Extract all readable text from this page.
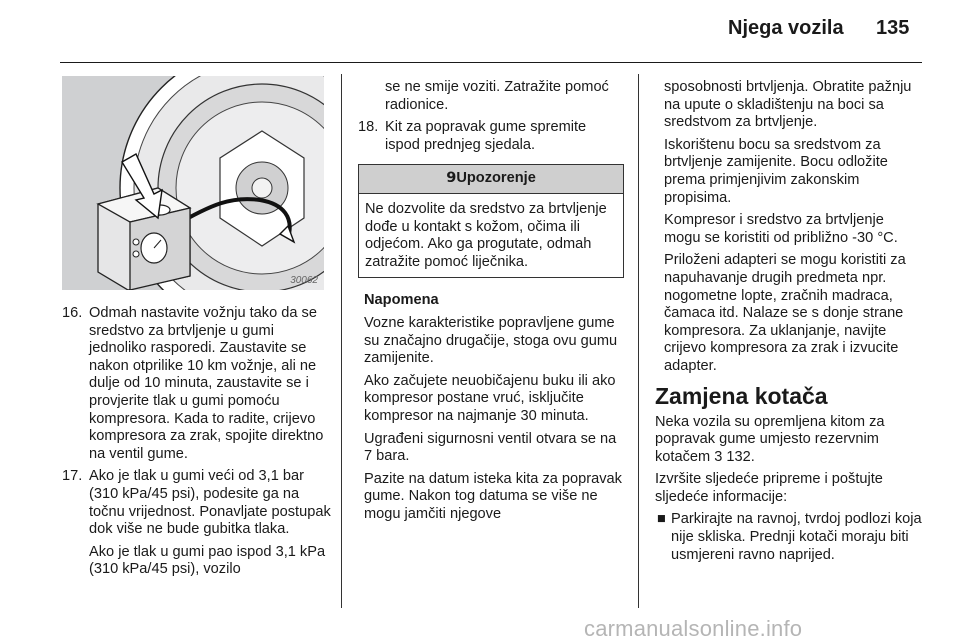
Njega vozila 135
30062
16. Odmah nastavite vožnju tako da se sredstvo za brtvljenje u gumi jednoliko rasporedi. Zaustavite se nakon otprilike 10 km vožnje, ali ne dulje od 10 minuta, zaustavite se i provjerite tlak u gumi pomoću kompresora. Kada to radite, crijevo kompresora za zrak, spojite direktno na ventil gume.
17. Ako je tlak u gumi veći od 3,1 bar (310 kPa/45 psi), podesite ga na točnu vrijednost. Ponavljate postupak dok više ne bude gubitka tlaka.

Ako je tlak u gumi pao ispod 3,1 kPa (310 kPa/45 psi), vozilo

se ne smije voziti. Zatražite pomoć radionice.

18. Kit za popravak gume spremite ispod prednjeg sjedala.
9Upozorenje
Ne dozvolite da sredstvo za brtvljenje dođe u kontakt s kožom, očima ili odjećom. Ako ga progutate, odmah zatražite pomoć liječnika.

Napomena

Vozne karakteristike popravljene gume su značajno drugačije, stoga ovu gumu zamijenite.

Ako začujete neuobičajenu buku ili ako kompresor postane vruć, isključite kompresor na najmanje 30 minuta.

Ugrađeni sigurnosni ventil otvara se na 7 bara.

Pazite na datum isteka kita za popravak gume. Nakon tog datuma se više ne mogu jamčiti njegove

sposobnosti brtvljenja. Obratite pažnju na upute o skladištenju na boci sa sredstvom za brtvljenje.

Iskorištenu bocu sa sredstvom za brtvljenje zamijenite. Bocu odložite prema primjenjivim zakonskim propisima.

Kompresor i sredstvo za brtvljenje mogu se koristiti od približno -30 °C.

Priloženi adapteri se mogu koristiti za napuhavanje drugih predmeta npr. nogometne lopte, zračnih madraca, čamaca itd. Nalaze se s donje strane kompresora. Za uklanjanje, navijte crijevo kompresora za zrak i izvucite adapter.

Zamjena kotača

Neka vozila su opremljena kitom za popravak gume umjesto rezervnim kotačem 3 132.

Izvršite sljedeće pripreme i poštujte sljedeće informacije:

■ Parkirajte na ravnoj, tvrdoj podlozi koja nije skliska. Prednji kotači moraju biti usmjereni ravno naprijed.
carmanualsonline.info
